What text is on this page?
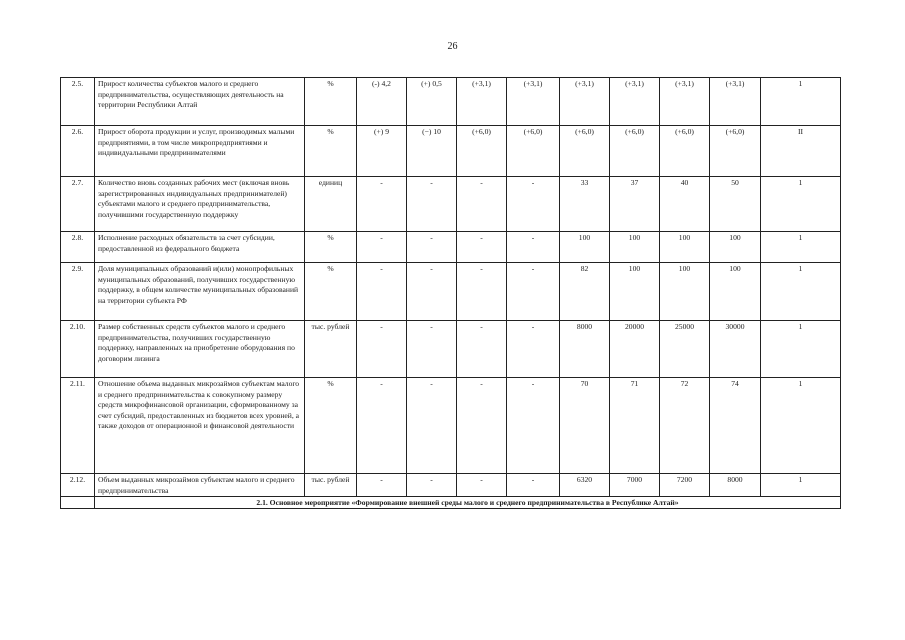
26
2.5.	Прирост количества субъектов малого и среднего предпринимательства, осуществляющих деятельность на территории Республики Алтай	%	(-) 4,2	(+) 0,5	(+3,1)	(+3,1)	(+3,1)	(+3,1)	(+3,1)	(+3,1)	1
2.6.	Прирост оборота продукции и услуг, производимых малыми предприятиями, в том числе микропредприятиями и индивидуальными предпринимателями	%	(+) 9	(−) 10	(+6,0)	(+6,0)	(+6,0)	(+6,0)	(+6,0)	(+6,0)	II
2.7.	Количество вновь созданных рабочих мест (включая вновь зарегистрированных индивидуальных предпринимателей) субъектами малого и среднего предпринимательства, получившими государственную поддержку	единиц	-	-	-	-	33	37	40	50	1
2.8.	Исполнение расходных обязательств за счет субсидии, предоставленной из федерального бюджета	%	-	-	-	-	100	100	100	100	1
2.9.	Доля муниципальных образований и(или) монопрофильных муниципальных образований, получивших государственную поддержку, в общем количестве муниципальных образований на территории субъекта РФ	%	-	-	-	-	82	100	100	100	1
2.10.	Размер собственных средств субъектов малого и среднего предпринимательства, получивших государственную поддержку, направленных на приобретение оборудования по договорим лизинга	тыс. рублей	-	-	-	-	8000	20000	25000	30000	1
2.11.	Отношение объема выданных микрозаймов субъектам малого и среднего предпринимательства к совокупному размеру средств микрофинансовой организации, сформированному за счет субсидий, предоставленных из бюджетов всех уровней, а также доходов от операционной и финансовой деятельности	%	-	-	-	-	70	71	72	74	1
2.12.	Объем выданных микрозаймов субъектам малого и среднего предпринимательства	тыс. рублей	-	-	-	-	6320	7000	7200	8000	1
	2.1. Основное мероприятие «Формирование внешней среды малого и среднего предпринимательства в Республике Алтай»										
